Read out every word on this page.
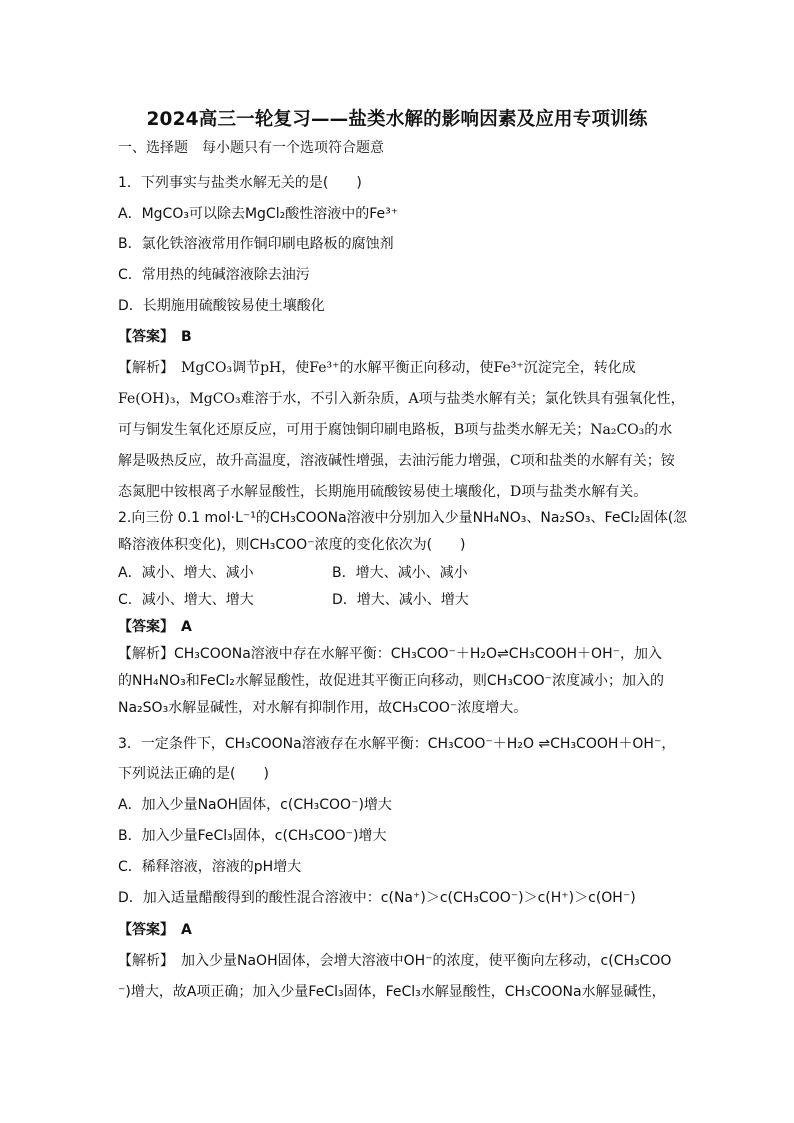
2024高三一轮复习——盐类水解的影响因素及应用专项训练
一、选择题　每小题只有一个选项符合题意
1．下列事实与盐类水解无关的是(　　)
A．MgCO₃可以除去MgCl₂酸性溶液中的Fe³⁺
B．氯化铁溶液常用作铜印刷电路板的腐蚀剂
C．常用热的纯碱溶液除去油污
D．长期施用硫酸铵易使土壤酸化
【答案】　B
【解析】　MgCO₃调节pH，使Fe³⁺的水解平衡正向移动，使Fe³⁺沉淀完全，转化成
Fe(OH)₃，MgCO₃难溶于水，不引入新杂质，A项与盐类水解有关；氯化铁具有强氧化性，
可与铜发生氧化还原反应，可用于腐蚀铜印刷电路板，B项与盐类水解无关；Na₂CO₃的水
解是吸热反应，故升高温度，溶液碱性增强，去油污能力增强，C项和盐类的水解有关；铵
态氮肥中铵根离子水解显酸性，长期施用硫酸铵易使土壤酸化，D项与盐类水解有关。
2.向三份 0.1 mol·L⁻¹的CH₃COONa溶液中分别加入少量NH₄NO₃、Na₂SO₃、FeCl₂固体(忽
略溶液体积变化)，则CH₃COO⁻浓度的变化依次为(　　)
A．减小、增大、减小	B．增大、减小、减小
C．减小、增大、增大	D．增大、减小、增大
【答案】　A
【解析】CH₃COONa溶液中存在水解平衡：CH₃COO⁻＋H₂O⇌CH₃COOH＋OH⁻，加入
的NH₄NO₃和FeCl₂水解显酸性，故促进其平衡正向移动，则CH₃COO⁻浓度减小；加入的
Na₂SO₃水解显碱性，对水解有抑制作用，故CH₃COO⁻浓度增大。
3．一定条件下，CH₃COONa溶液存在水解平衡：CH₃COO⁻＋H₂O ⇌CH₃COOH＋OH⁻，
下列说法正确的是(　　)
A．加入少量NaOH固体，c(CH₃COO⁻)增大
B．加入少量FeCl₃固体，c(CH₃COO⁻)增大
C．稀释溶液，溶液的pH增大
D．加入适量醋酸得到的酸性混合溶液中：c(Na⁺)＞c(CH₃COO⁻)＞c(H⁺)＞c(OH⁻)
【答案】　A
【解析】　加入少量NaOH固体，会增大溶液中OH⁻的浓度，使平衡向左移动，c(CH₃COO
⁻)增大，故A项正确；加入少量FeCl₃固体，FeCl₃水解显酸性，CH₃COONa水解显碱性，
